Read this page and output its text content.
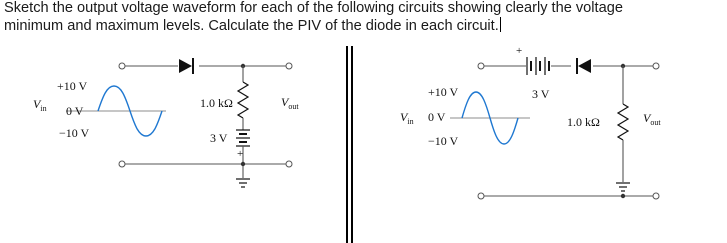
Sketch the output voltage waveform for each of the following circuits showing clearly the voltage
minimum and maximum levels. Calculate the PIV of the diode in each circuit.
+10 V
0 V
−10 V
$V_{in}$	1.0 kΩ
3 V
+
$V_{out}$
+
+10 V
$V_{in}$ 0 V
−10 V
3 V
1.0 kΩ	$V_{out}$
